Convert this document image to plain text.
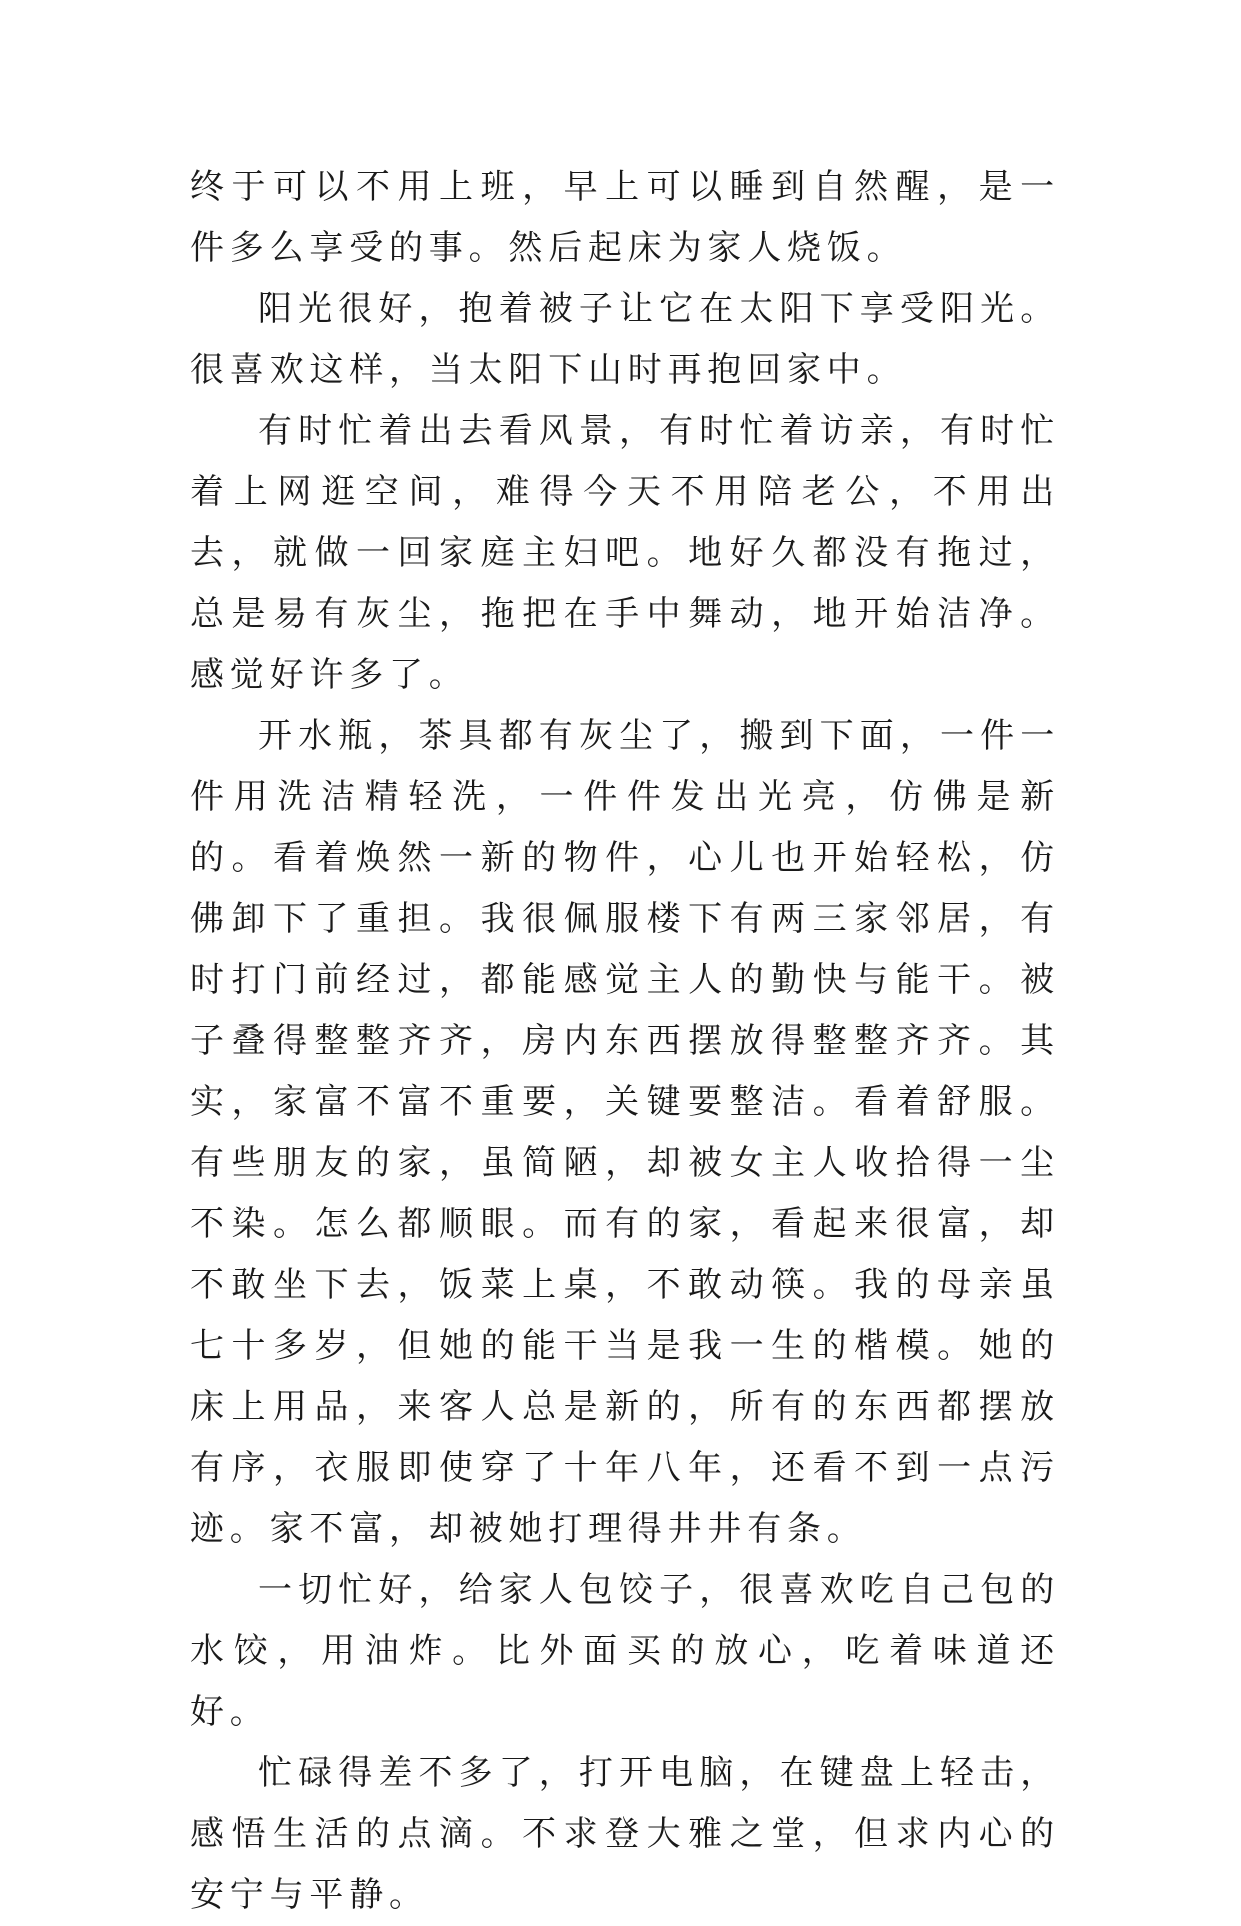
终于可以不用上班，早上可以睡到自然醒，是一件多么享受的事。然后起床为家人烧饭。

阳光很好，抱着被子让它在太阳下享受阳光。很喜欢这样，当太阳下山时再抱回家中。

有时忙着出去看风景，有时忙着访亲，有时忙着上网逛空间，难得今天不用陪老公，不用出去，就做一回家庭主妇吧。地好久都没有拖过，总是易有灰尘，拖把在手中舞动，地开始洁净。感觉好许多了。

开水瓶，茶具都有灰尘了，搬到下面，一件一件用洗洁精轻洗，一件件发出光亮，仿佛是新的。看着焕然一新的物件，心儿也开始轻松，仿佛卸下了重担。我很佩服楼下有两三家邻居，有时打门前经过，都能感觉主人的勤快与能干。被子叠得整整齐齐，房内东西摆放得整整齐齐。其实，家富不富不重要，关键要整洁。看着舒服。有些朋友的家，虽简陋，却被女主人收拾得一尘不染。怎么都顺眼。而有的家，看起来很富，却不敢坐下去，饭菜上桌，不敢动筷。我的母亲虽七十多岁，但她的能干当是我一生的楷模。她的床上用品，来客人总是新的，所有的东西都摆放有序，衣服即使穿了十年八年，还看不到一点污迹。家不富，却被她打理得井井有条。

一切忙好，给家人包饺子，很喜欢吃自己包的水饺，用油炸。比外面买的放心，吃着味道还好。

忙碌得差不多了，打开电脑，在键盘上轻击，感悟生活的点滴。不求登大雅之堂，但求内心的安宁与平静。
